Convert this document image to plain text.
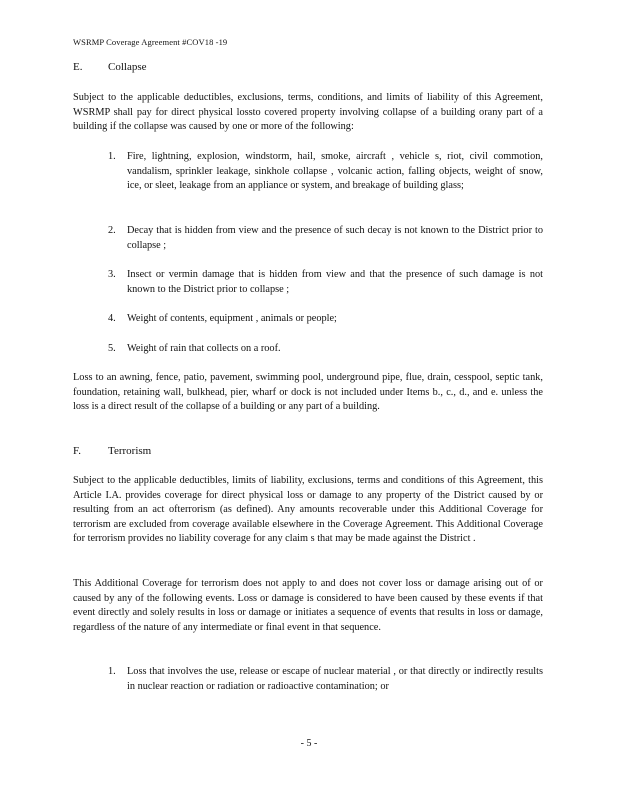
WSRMP Coverage Agreement #COV18 -19
E. Collapse
Subject to the applicable deductibles, exclusions, terms, conditions, and limits of liability of this Agreement, WSRMP shall pay for direct physical lossto covered property involving collapse of a building orany part of a building if the collapse was caused by one or more of the following:
1.	Fire, lightning, explosion, windstorm, hail, smoke, aircraft , vehicle s, riot, civil commotion, vandalism, sprinkler leakage, sinkhole collapse , volcanic action, falling objects, weight of snow, ice, or sleet, leakage from an appliance or system, and breakage of building glass;
2.	Decay that is hidden from view and the presence of such decay is not known to the District prior to collapse ;
3.	Insect or vermin damage that is hidden from view and that the presence of such damage is not known to the District prior to collapse ;
4.	Weight of contents, equipment , animals or people;
5.	Weight of rain that collects on a roof.
Loss to an awning, fence, patio, pavement, swimming pool, underground pipe, flue, drain, cesspool, septic tank, foundation, retaining wall, bulkhead, pier, wharf or dock is not included under Items b., c., d., and e. unless the loss is a direct result of the collapse of a building or any part of a building.
F. Terrorism
Subject to the applicable deductibles, limits of liability, exclusions, terms and conditions of this Agreement, this Article I.A. provides coverage for direct physical loss or damage to any property of the District caused by or resulting from an act ofterrorism (as defined). Any amounts recoverable under this Additional Coverage for terrorism are excluded from coverage available elsewhere in the Coverage Agreement. This Additional Coverage for terrorism provides no liability coverage for any claim s that may be made against the District .
This Additional Coverage for terrorism does not apply to and does not cover loss or damage arising out of or caused by any of the following events. Loss or damage is considered to have been caused by these events if that event directly and solely results in loss or damage or initiates a sequence of events that results in loss or damage, regardless of the nature of any intermediate or final event in that sequence.
1.	Loss that involves the use, release or escape of nuclear material , or that directly or indirectly results in nuclear reaction or radiation or radioactive contamination; or
- 5 -
